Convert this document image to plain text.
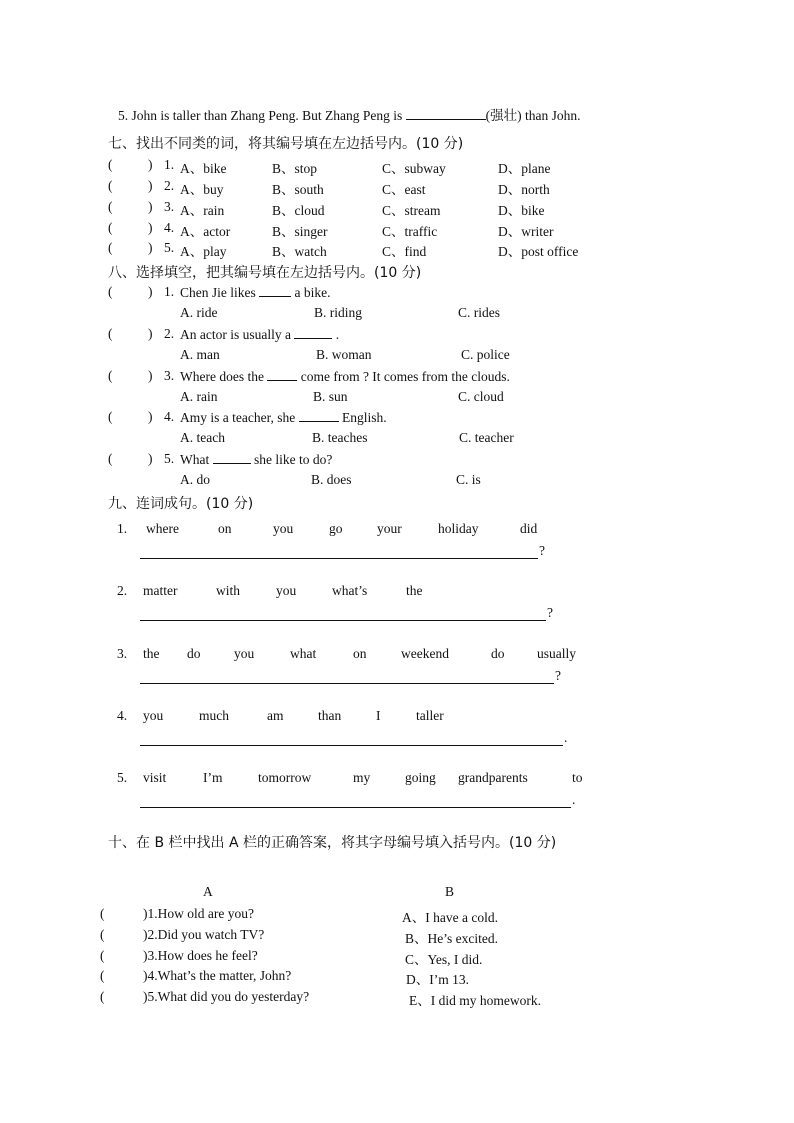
5. John is taller than Zhang Peng. But Zhang Peng is	(强壮) than John.
七、找出不同类的词，将其编号填在左边括号内。(10 分)
(	) 1. A、bike	B、stop	C、subway	D、plane
(	) 2. A、buy	B、south	C、east	D、north
(	) 3. A、rain	B、cloud	C、stream	D、bike
(	) 4. A、actor	B、singer	C、traffic	D、writer
(	) 5. A、play	B、watch	C、find	D、post office
八、选择填空，把其编号填在左边括号内。(10 分)
(	) 1. Chen Jie likes	a bike.
A. ride	B. riding	C. rides
(	) 2. An actor is usually a	.
A. man	B. woman	C. police
(	) 3. Where does the	come from ? It comes from the clouds.
A. rain	B. sun	C. cloud
(	) 4. Amy is a teacher, she	English.
A. teach	B. teaches	C. teacher
(	) 5. What	she like to do?
A. do	B. does	C. is
九、连词成句。(10 分)
1. where	on	you	go	your	holiday	did
?
2. matter	with	you	what’s	the
?
3. the do you	what	on	weekend	do usually
?
4. you	much	am	than	I	taller
.
5. visit	I’m	tomorrow	my	going grandparents	to
.
十、在 B 栏中找出 A 栏的正确答案，将其字母编号填入括号内。(10 分)
A	B
(	)1.How old are you?	A、I have a cold.
(	)2.Did you watch TV?	B、He’s excited.
(	)3.How does he feel?	C、Yes, I did.
(	)4.What’s the matter, John?	D、I’m 13.
(	)5.What did you do yesterday?	E、I did my homework.
